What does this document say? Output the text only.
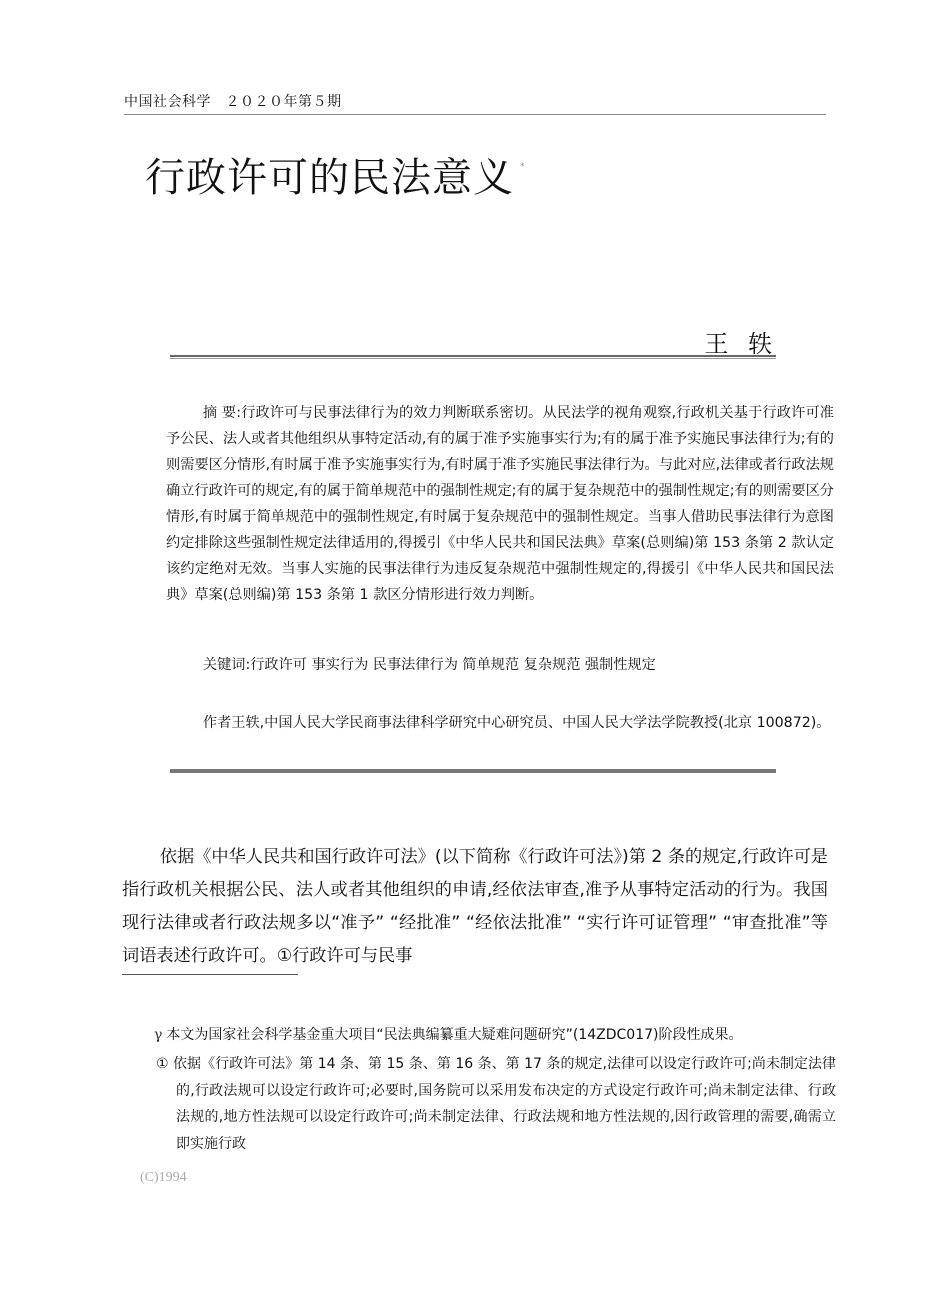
中国社会科学　２０２０年第５期
行政许可的民法意义 *
王 轶
摘 要:行政许可与民事法律行为的效力判断联系密切。从民法学的视角观察,行政机关基于行政许可准予公民、法人或者其他组织从事特定活动,有的属于准予实施事实行为;有的属于准予实施民事法律行为;有的则需要区分情形,有时属于准予实施事实行为,有时属于准予实施民事法律行为。与此对应,法律或者行政法规确立行政许可的规定,有的属于简单规范中的强制性规定;有的属于复杂规范中的强制性规定;有的则需要区分情形,有时属于简单规范中的强制性规定,有时属于复杂规范中的强制性规定。当事人借助民事法律行为意图约定排除这些强制性规定法律适用的,得援引《中华人民共和国民法典》草案(总则编)第 153 条第 2 款认定该约定绝对无效。当事人实施的民事法律行为违反复杂规范中强制性规定的,得援引《中华人民共和国民法典》草案(总则编)第 153 条第 1 款区分情形进行效力判断。
关键词:行政许可 事实行为 民事法律行为 简单规范 复杂规范 强制性规定
作者王轶,中国人民大学民商事法律科学研究中心研究员、中国人民大学法学院教授(北京 100872)。
依据《中华人民共和国行政许可法》(以下简称《行政许可法》)第 2 条的规定,行政许可是指行政机关根据公民、法人或者其他组织的申请,经依法审查,准予从事特定活动的行为。我国现行法律或者行政法规多以“准予” “经批准” “经依法批准” “实行许可证管理” “审查批准”等词语表述行政许可。①行政许可与民事
γ 本文为国家社会科学基金重大项目“民法典编纂重大疑难问题研究”(14ZDC017)阶段性成果。
① 依据《行政许可法》第 14 条、第 15 条、第 16 条、第 17 条的规定,法律可以设定行政许可;尚未制定法律的,行政法规可以设定行政许可;必要时,国务院可以采用发布决定的方式设定行政许可;尚未制定法律、行政法规的,地方性法规可以设定行政许可;尚未制定法律、行政法规和地方性法规的,因行政管理的需要,确需立即实施行政
(C)1994
